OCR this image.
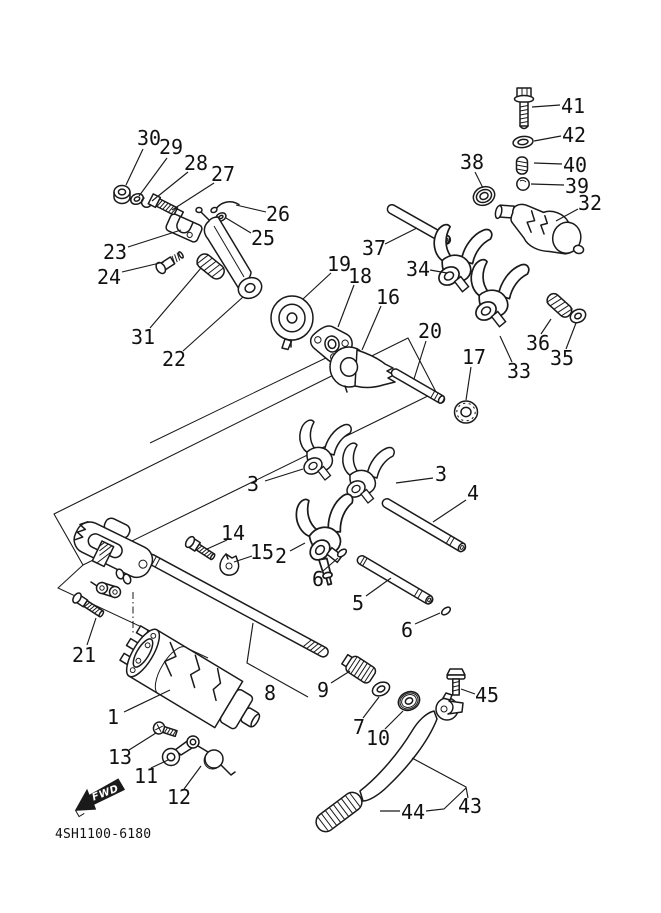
30
29
28 27
26
25
23
24
31
22
19
18
16
37
41
42
40
39
38
32
34
33
36
35
20
17
3	3
4
14
15 2
6
5
6
21
8 9
1	7 10
45
43
44
13
11
12
FWD
4SH1100-6180
